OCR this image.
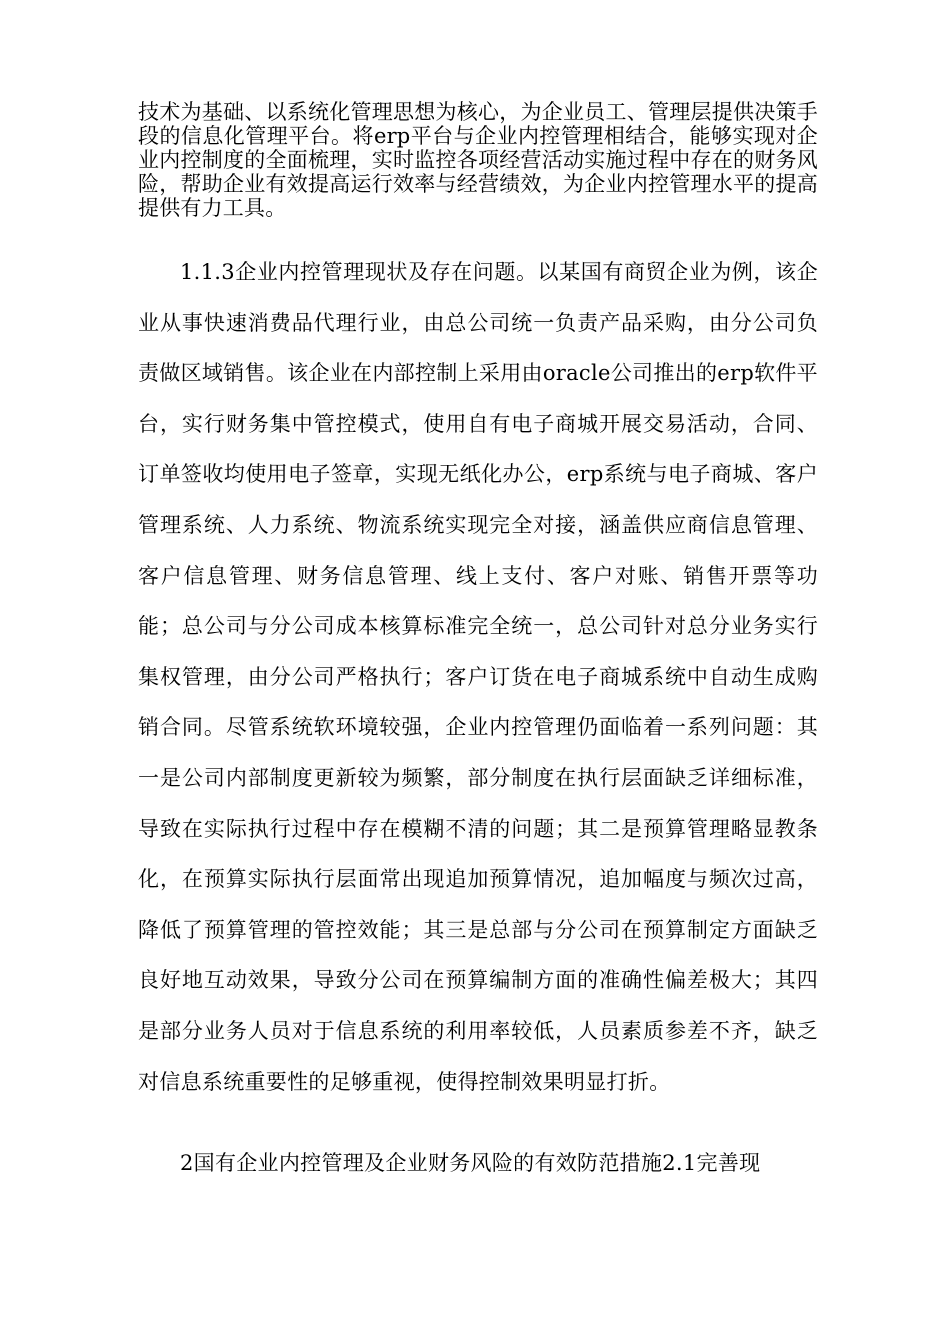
技术为基础、以系统化管理思想为核心，为企业员工、管理层提供决策手段的信息化管理平台。将erp平台与企业内控管理相结合，能够实现对企业内控制度的全面梳理，实时监控各项经营活动实施过程中存在的财务风险，帮助企业有效提高运行效率与经营绩效，为企业内控管理水平的提高提供有力工具。

1.1.3企业内控管理现状及存在问题。以某国有商贸企业为例，该企业从事快速消费品代理行业，由总公司统一负责产品采购，由分公司负责做区域销售。该企业在内部控制上采用由oracle公司推出的erp软件平台，实行财务集中管控模式，使用自有电子商城开展交易活动，合同、订单签收均使用电子签章，实现无纸化办公，erp系统与电子商城、客户管理系统、人力系统、物流系统实现完全对接，涵盖供应商信息管理、客户信息管理、财务信息管理、线上支付、客户对账、销售开票等功能；总公司与分公司成本核算标准完全统一，总公司针对总分业务实行集权管理，由分公司严格执行；客户订货在电子商城系统中自动生成购销合同。尽管系统软环境较强，企业内控管理仍面临着一系列问题：其一是公司内部制度更新较为频繁，部分制度在执行层面缺乏详细标准，导致在实际执行过程中存在模糊不清的问题；其二是预算管理略显教条化，在预算实际执行层面常出现追加预算情况，追加幅度与频次过高，降低了预算管理的管控效能；其三是总部与分公司在预算制定方面缺乏良好地互动效果，导致分公司在预算编制方面的准确性偏差极大；其四是部分业务人员对于信息系统的利用率较低，人员素质参差不齐，缺乏对信息系统重要性的足够重视，使得控制效果明显打折。

2国有企业内控管理及企业财务风险的有效防范措施2.1完善现
